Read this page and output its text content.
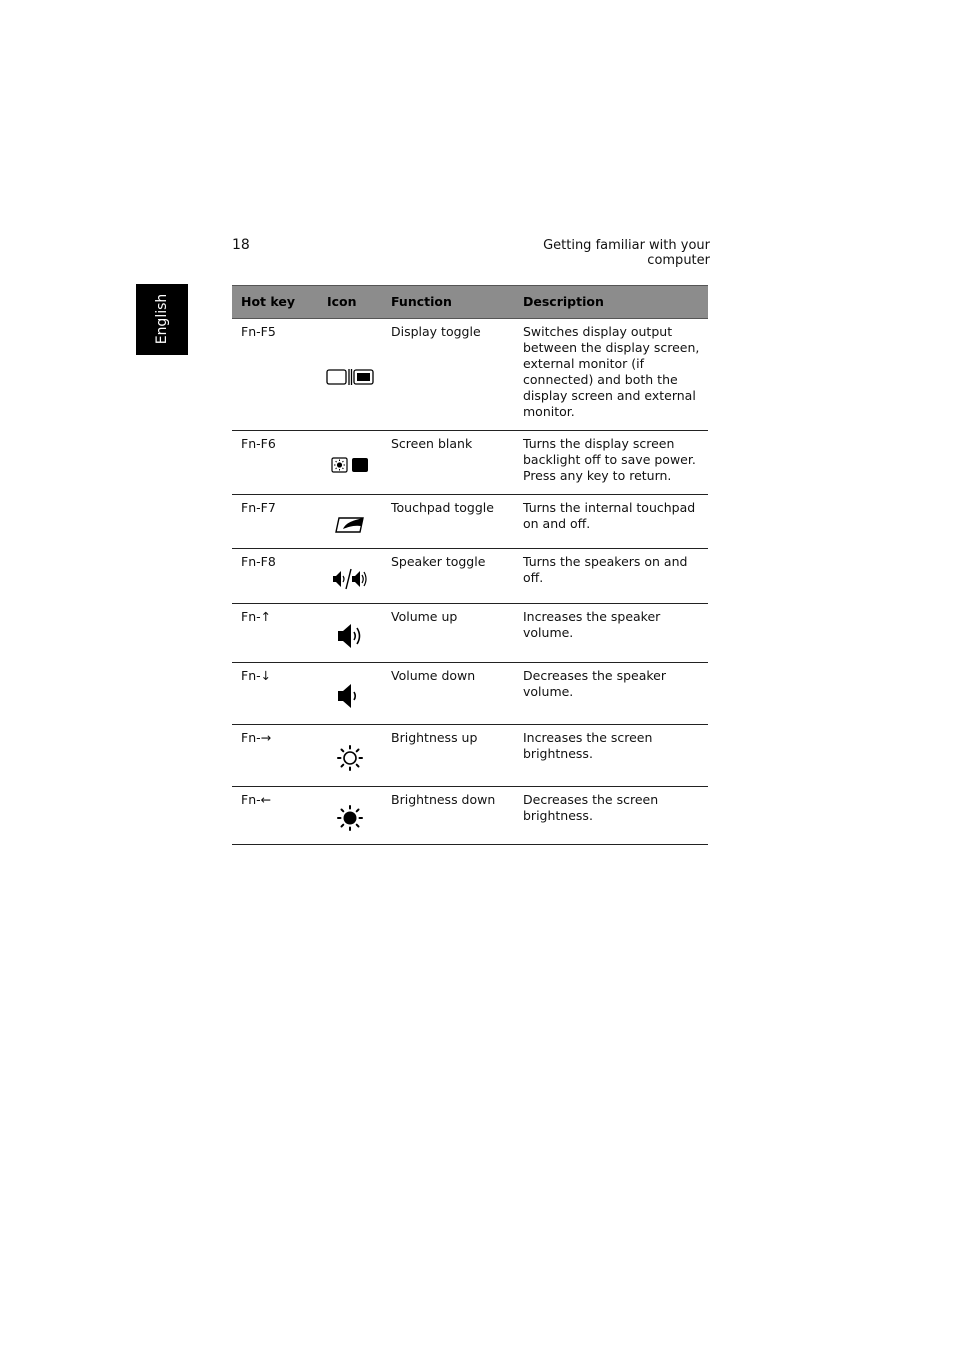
18	Getting familiar with your computer
English	Hot key	Icon	Function	Description
Fn-F5		Display toggle	Switches display output between the display screen, external monitor (if connected) and both the display screen and external monitor.
Fn-F6		Screen blank	Turns the display screen backlight off to save power. Press any key to return.
Fn-F7		Touchpad toggle	Turns the internal touchpad on and off.
Fn-F8		Speaker toggle	Turns the speakers on and off.
Fn-↑		Volume up	Increases the speaker volume.
Fn-↓		Volume down	Decreases the speaker volume.
Fn-→		Brightness up	Increases the screen brightness.
Fn-←		Brightness down	Decreases the screen brightness.
